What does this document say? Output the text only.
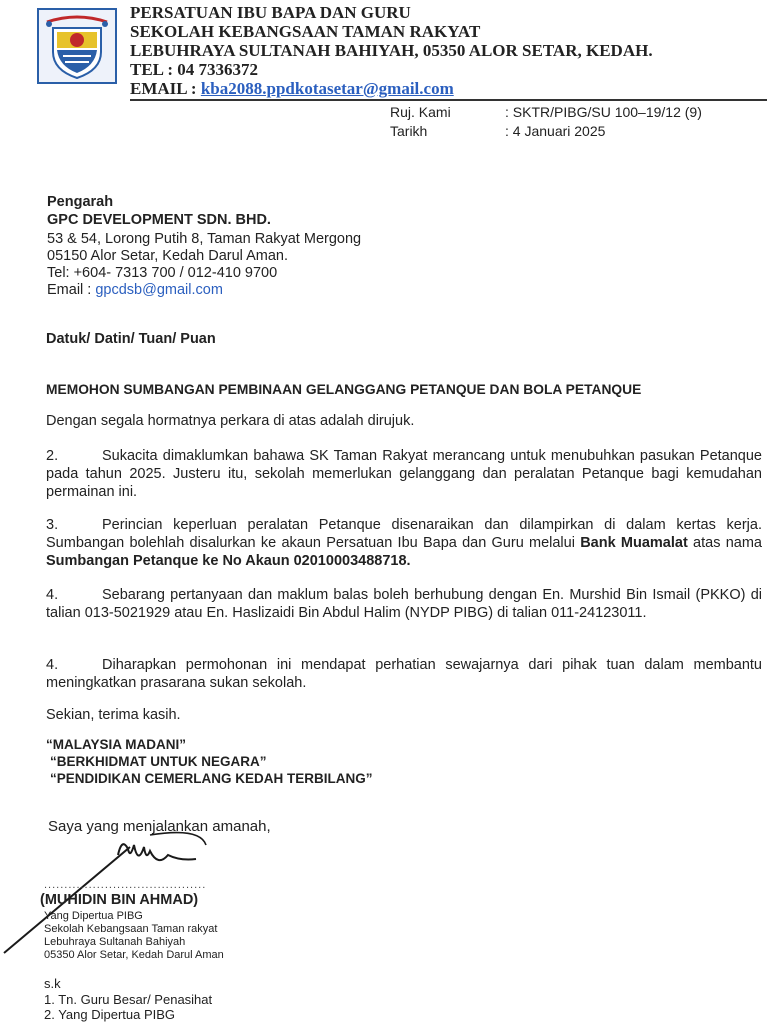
PERSATUAN IBU BAPA DAN GURU
SEKOLAH KEBANGSAAN TAMAN RAKYAT
LEBUHRAYA SULTANAH BAHIYAH, 05350 ALOR SETAR, KEDAH.
TEL : 04 7336372
EMAIL : kba2088.ppdkotasetar@gmail.com
Ruj. Kami	: SKTR/PIBG/SU 100–19/12 (9)
Tarikh	: 4 Januari 2025
Pengarah
GPC DEVELOPMENT SDN. BHD.
53 & 54, Lorong Putih 8, Taman Rakyat Mergong
05150 Alor Setar, Kedah Darul Aman.
Tel: +604- 7313 700 / 012-410 9700
Email : gpcdsb@gmail.com
Datuk/ Datin/ Tuan/ Puan
MEMOHON SUMBANGAN PEMBINAAN GELANGGANG PETANQUE DAN BOLA PETANQUE
Dengan segala hormatnya perkara di atas adalah dirujuk.
2.	Sukacita dimaklumkan bahawa SK Taman Rakyat merancang untuk menubuhkan pasukan Petanque pada tahun 2025. Justeru itu, sekolah memerlukan gelanggang dan peralatan Petanque bagi kemudahan permainan ini.
3.	Perincian keperluan peralatan Petanque disenaraikan dan dilampirkan di dalam kertas kerja. Sumbangan bolehlah disalurkan ke akaun Persatuan Ibu Bapa dan Guru melalui Bank Muamalat atas nama Sumbangan Petanque ke No Akaun 02010003488718.
4.	Sebarang pertanyaan dan maklum balas boleh berhubung dengan En. Murshid Bin Ismail (PKKO) di talian 013-5021929 atau En. Haslizaidi Bin Abdul Halim (NYDP PIBG) di talian 011-24123011.
4.	Diharapkan permohonan ini mendapat perhatian sewajarnya dari pihak tuan dalam membantu meningkatkan prasarana sukan sekolah.
Sekian, terima kasih.
“MALAYSIA MADANI”
“BERKHIDMAT UNTUK NEGARA”
“PENDIDIKAN CEMERLANG KEDAH TERBILANG”
Saya yang menjalankan amanah,
........................................
(MUHIDIN BIN AHMAD)
Yang Dipertua PIBG
Sekolah Kebangsaan Taman rakyat
Lebuhraya Sultanah Bahiyah
05350 Alor Setar, Kedah Darul Aman
s.k
1. Tn. Guru Besar/ Penasihat
2. Yang Dipertua PIBG
